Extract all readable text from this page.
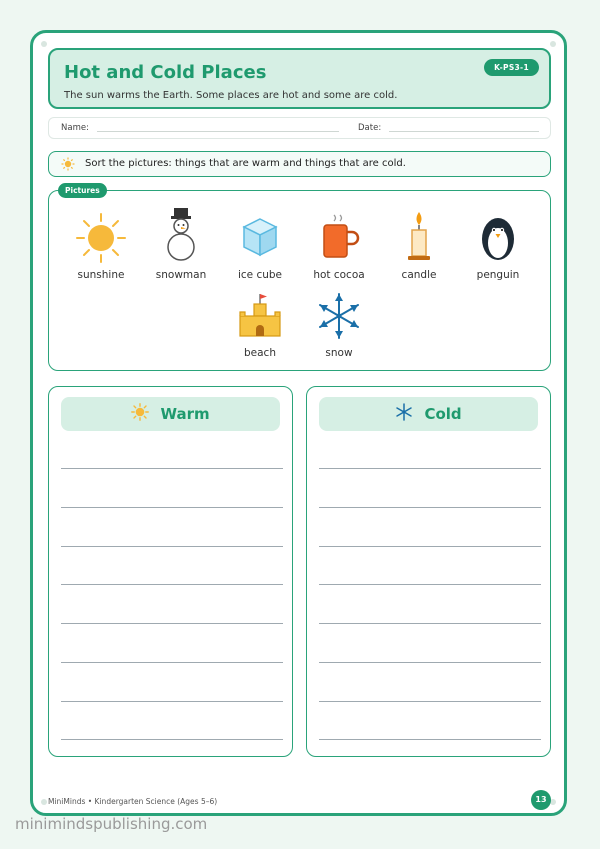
Hot and Cold Places
The sun warms the Earth. Some places are hot and some are cold.
K-PS3-1
Name:	Date:
Sort the pictures: things that are warm and things that are cold.
Pictures
sunshine	snowman	ice cube	hot cocoa	candle	penguin
beach	snow
Warm	Cold
MiniMinds • Kindergarten Science (Ages 5–6)	13
minimindspublishing.com
